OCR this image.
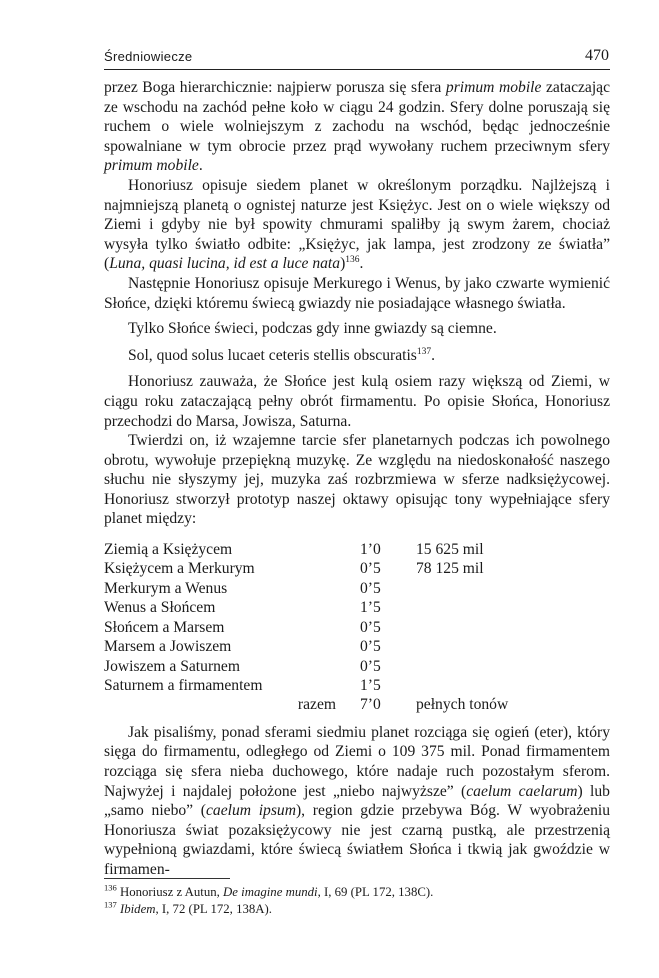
Średniowiecze	470

przez Boga hierarchicznie: najpierw porusza się sfera primum mobile zataczając ze wschodu na zachód pełne koło w ciągu 24 godzin. Sfery dolne poruszają się ruchem o wiele wolniejszym z zachodu na wschód, będąc jednocześnie spowalniane w tym obrocie przez prąd wywołany ruchem przeciwnym sfery primum mobile.

Honoriusz opisuje siedem planet w określonym porządku. Najlżejszą i najmniejszą planetą o ognistej naturze jest Księżyc. Jest on o wiele większy od Ziemi i gdyby nie był spowity chmurami spaliłby ją swym żarem, chociaż wysyła tylko światło odbite: „Księżyc, jak lampa, jest zrodzony ze światła” (Luna, quasi lucina, id est a luce nata)$^{136}$.

Następnie Honoriusz opisuje Merkurego i Wenus, by jako czwarte wymienić Słońce, dzięki któremu świecą gwiazdy nie posiadające własnego światła.

Tylko Słońce świeci, podczas gdy inne gwiazdy są ciemne.

Sol, quod solus lucaet ceteris stellis obscuratis$^{137}$.

Honoriusz zauważa, że Słońce jest kulą osiem razy większą od Ziemi, w ciągu roku zataczającą pełny obrót firmamentu. Po opisie Słońca, Honoriusz przechodzi do Marsa, Jowisza, Saturna.

Twierdzi on, iż wzajemne tarcie sfer planetarnych podczas ich powolnego obrotu, wywołuje przepiękną muzykę. Ze względu na niedoskonałość naszego słuchu nie słyszymy jej, muzyka zaś rozbrzmiewa w sferze nadksiężycowej. Honoriusz stworzył prototyp naszej oktawy opisując tony wypełniające sfery planet między:

Ziemią a Księżycem	1’0	15 625 mil
Księżycem a Merkurym	0’5	78 125 mil
Merkurym a Wenus	0’5	
Wenus a Słońcem	1’5	
Słońcem a Marsem	0’5	
Marsem a Jowiszem	0’5	
Jowiszem a Saturnem	0’5	
Saturnem a firmamentem	1’5	
razem	7’0	pełnych tonów

Jak pisaliśmy, ponad sferami siedmiu planet rozciąga się ogień (eter), który sięga do firmamentu, odległego od Ziemi o 109 375 mil. Ponad firmamentem rozciąga się sfera nieba duchowego, które nadaje ruch pozostałym sferom. Najwyżej i najdalej położone jest „niebo najwyższe” (caelum caelarum) lub „samo niebo” (caelum ipsum), region gdzie przebywa Bóg. W wyobrażeniu Honoriusza świat pozaksiężycowy nie jest czarną pustką, ale przestrzenią wypełnioną gwiazdami, które świecą światłem Słońca i tkwią jak gwoździe w firmamen-

$^{136}$ Honoriusz z Autun, De imagine mundi, I, 69 (PL 172, 138C).

$^{137}$ Ibidem, I, 72 (PL 172, 138A).
